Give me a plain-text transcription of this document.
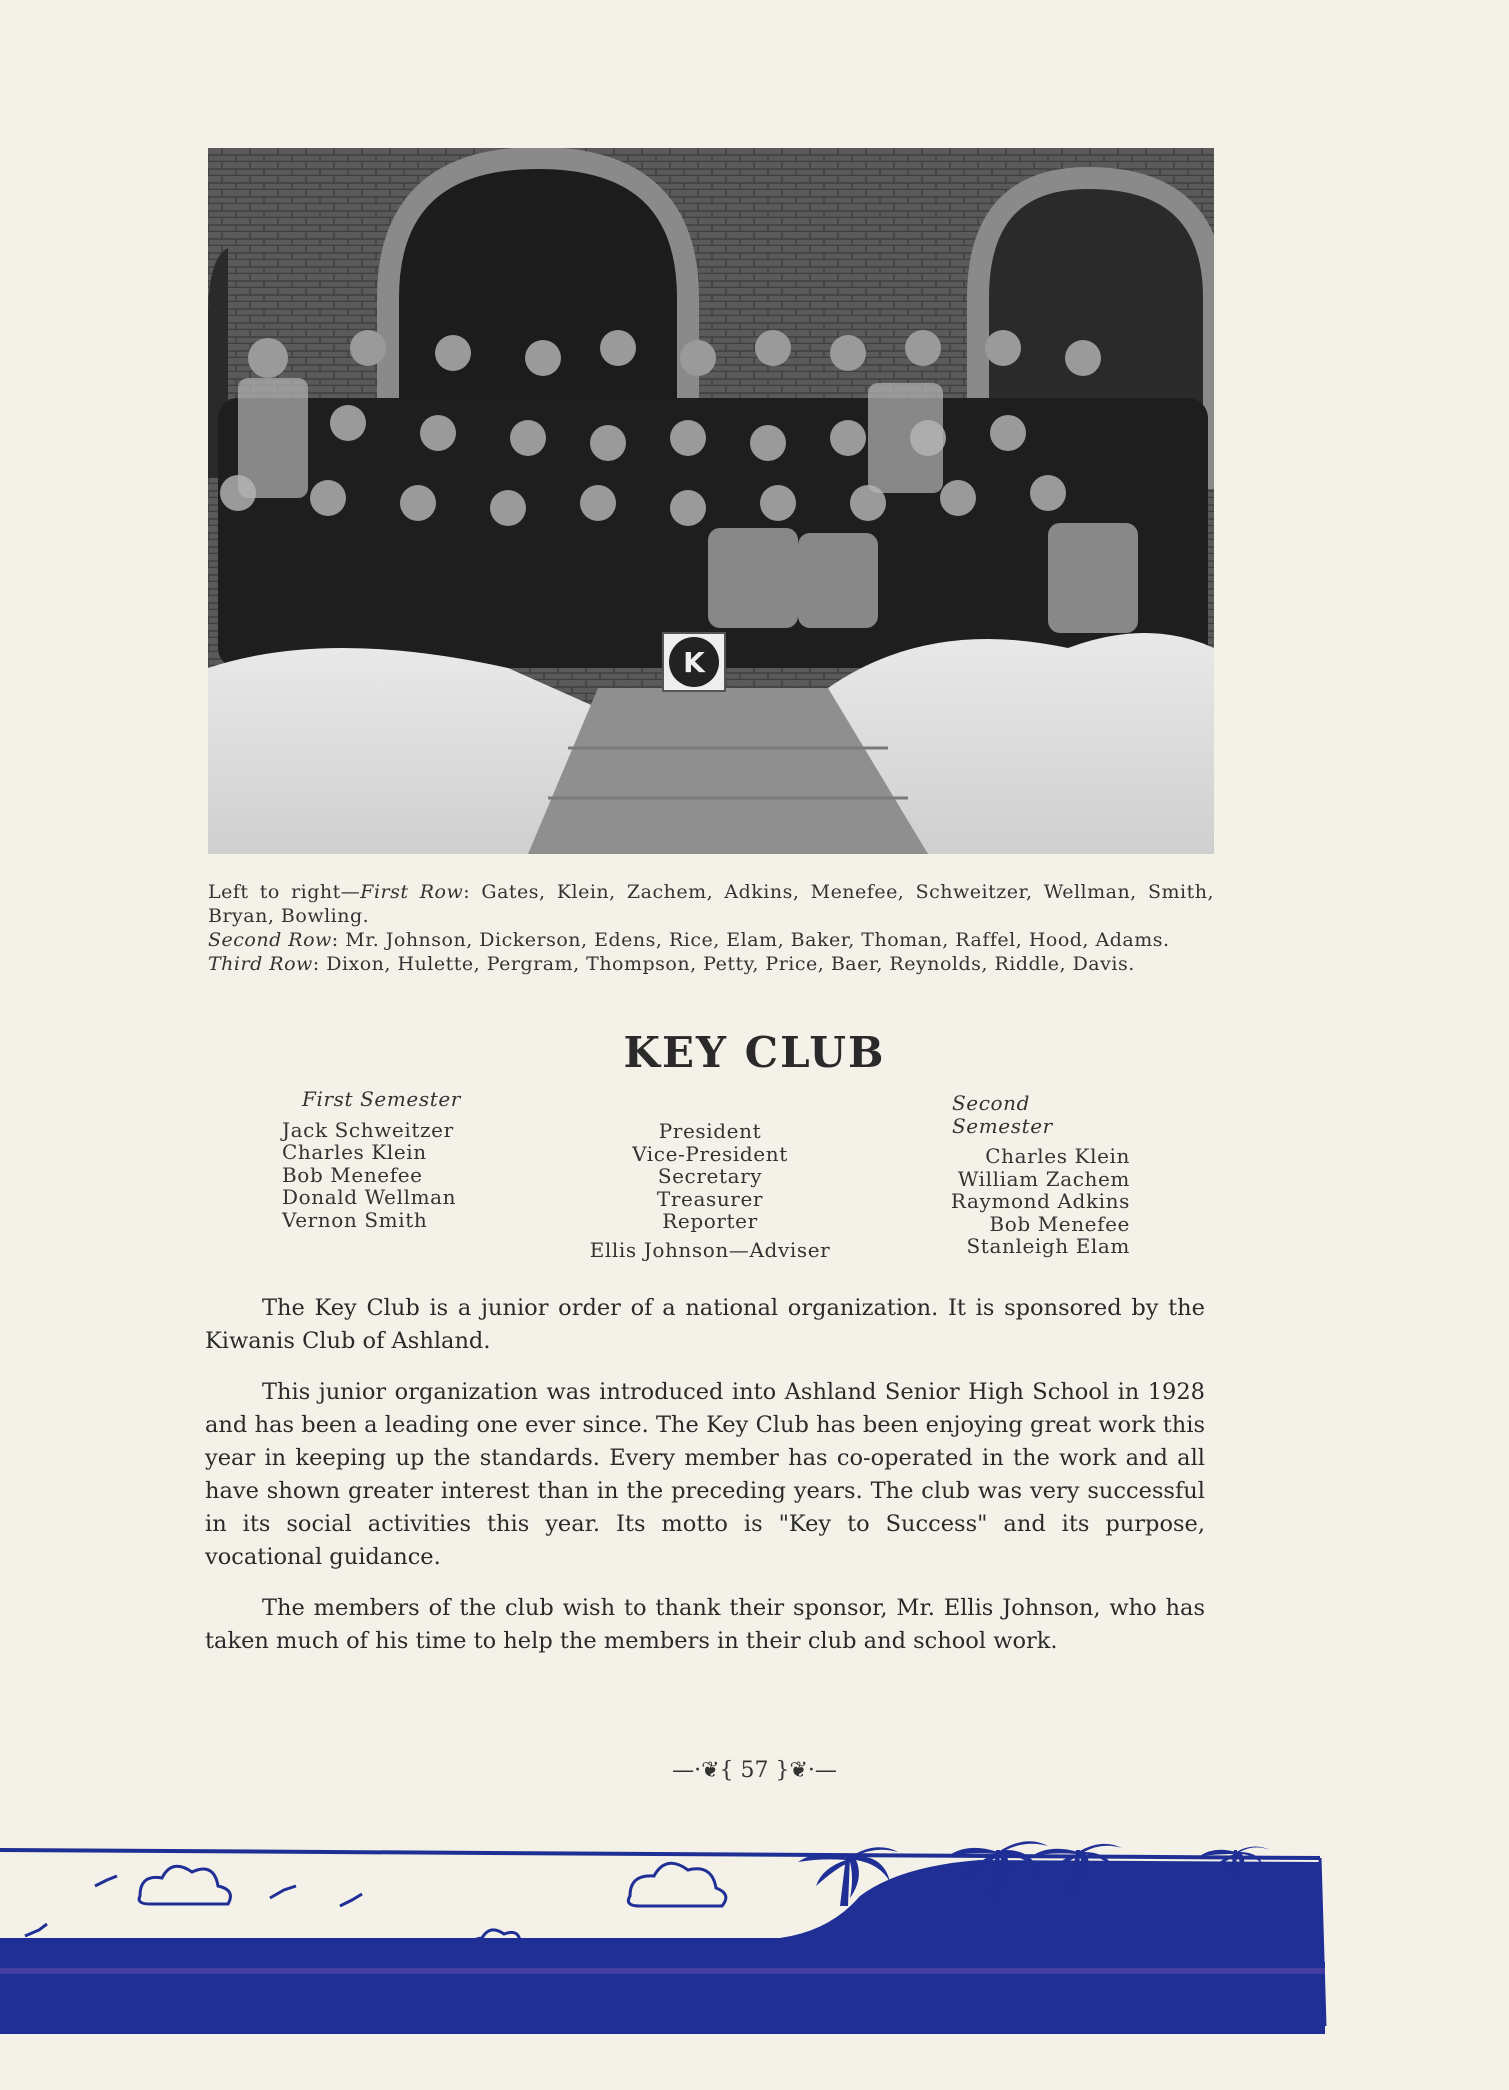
K
Left to right—First Row: Gates, Klein, Zachem, Adkins, Menefee, Schweitzer, Wellman, Smith, Bryan, Bowling.
Second Row: Mr. Johnson, Dickerson, Edens, Rice, Elam, Baker, Thoman, Raffel, Hood, Adams.
Third Row: Dixon, Hulette, Pergram, Thompson, Petty, Price, Baer, Reynolds, Riddle, Davis.
KEY CLUB
First Semester
Jack Schweitzer
Charles Klein
Bob Menefee
Donald Wellman
Vernon Smith
President
Vice-President
Secretary
Treasurer
Reporter
Ellis Johnson—Adviser
Second Semester
Charles Klein
William Zachem
Raymond Adkins
Bob Menefee
Stanleigh Elam

The Key Club is a junior order of a national organization. It is sponsored by the Kiwanis Club of Ashland.

This junior organization was introduced into Ashland Senior High School in 1928 and has been a leading one ever since. The Key Club has been enjoying great work this year in keeping up the standards. Every member has co-operated in the work and all have shown greater interest than in the preceding years. The club was very successful in its social activities this year. Its motto is "Key to Success" and its purpose, vocational guidance.

The members of the club wish to thank their sponsor, Mr. Ellis Johnson, who has taken much of his time to help the members in their club and school work.

—·❦{ 57 }❦·—
